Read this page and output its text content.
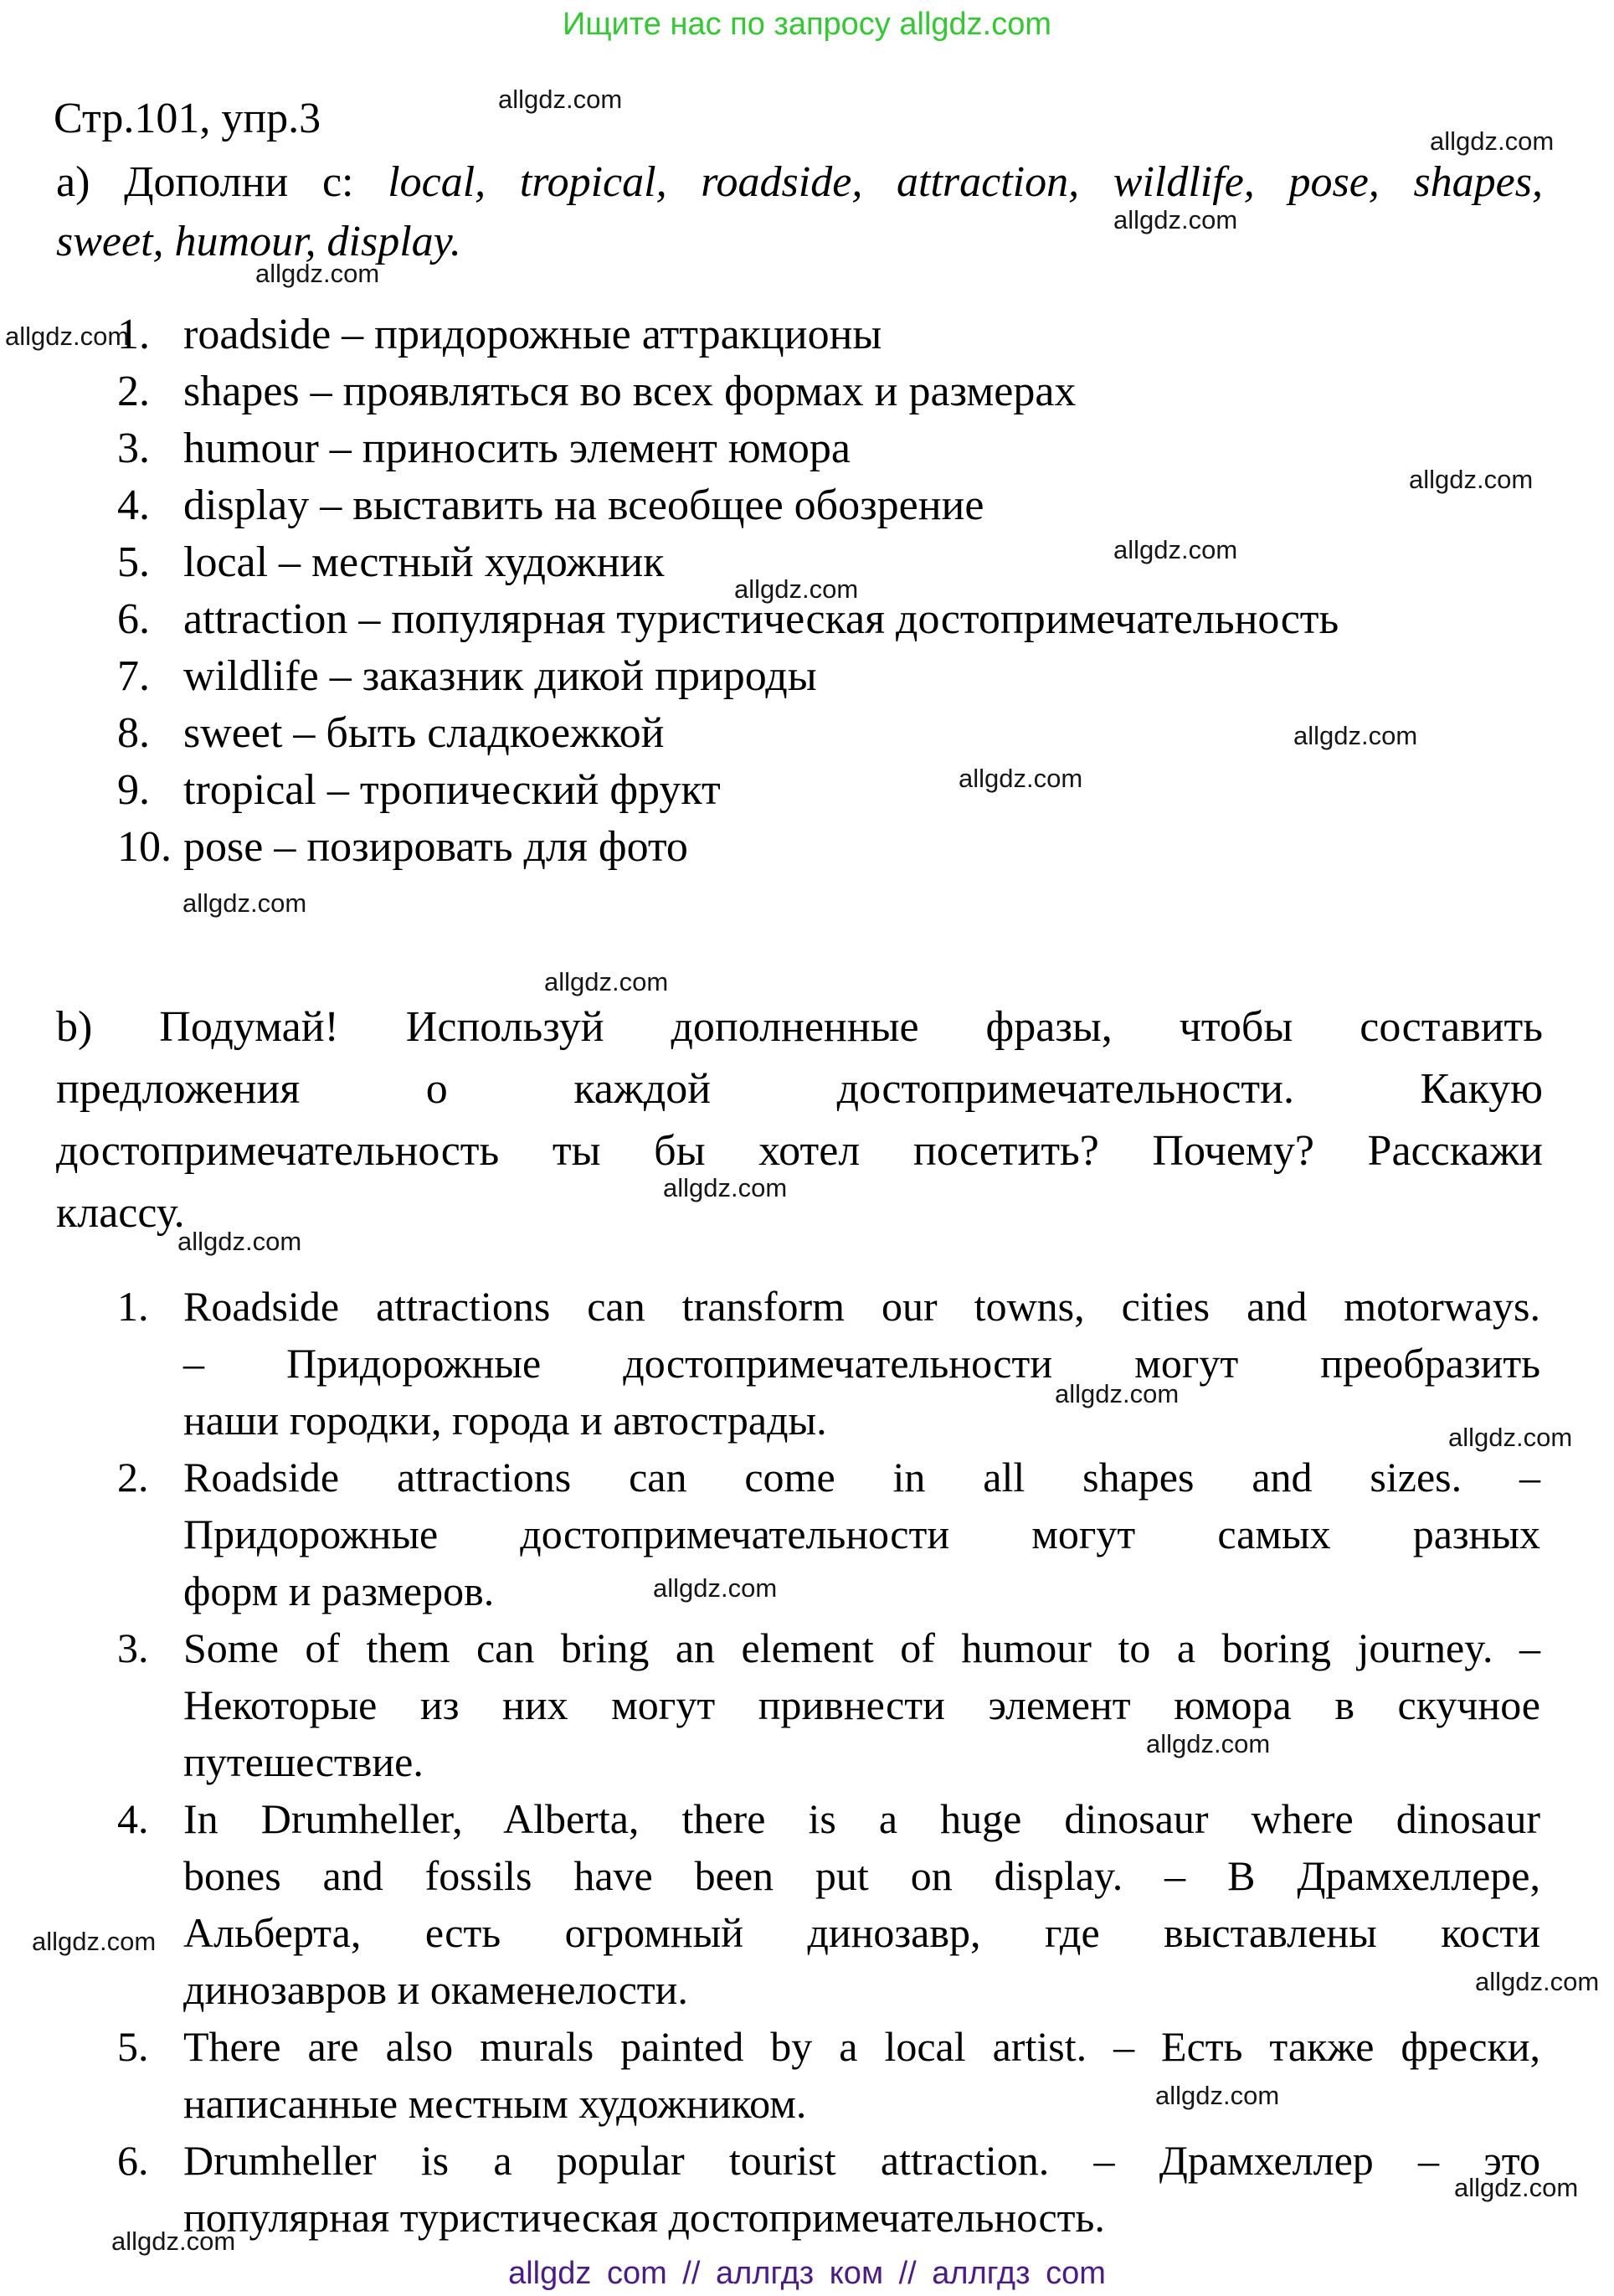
Ищите нас по запросу allgdz.com
Стр.101, упр.3
а) Дополни с: local, tropical, roadside, attraction, wildlife, pose, shapes,
sweet, humour, display.
1. roadside – придорожные аттракционы
2. shapes – проявляться во всех формах и размерах
3. humour – приносить элемент юмора
4. display – выставить на всеобщее обозрение
5. local – местный художник
6. attraction – популярная туристическая достопримечательность
7. wildlife – заказник дикой природы
8. sweet – быть сладкоежкой
9. tropical – тропический фрукт
10. pose – позировать для фото
b) Подумай! Используй дополненные фразы, чтобы составить
предложения о каждой достопримечательности. Какую
достопримечательность ты бы хотел посетить? Почему? Расскажи
классу.
1. Roadside attractions can transform our towns, cities and motorways.
– Придорожные достопримечательности могут преобразить
наши городки, города и автострады.
2. Roadside attractions can come in all shapes and sizes. –
Придорожные достопримечательности могут самых разных
форм и размеров.
3. Some of them can bring an element of humour to a boring journey. –
Некоторые из них могут привнести элемент юмора в скучное
путешествие.
4. In Drumheller, Alberta, there is a huge dinosaur where dinosaur
bones and fossils have been put on display. – В Драмхеллере,
Альберта, есть огромный динозавр, где выставлены кости
динозавров и окаменелости.
5. There are also murals painted by a local artist. – Есть также фрески,
написанные местным художником.
6. Drumheller is a popular tourist attraction. – Драмхеллер – это
популярная туристическая достопримечательность.
allgdz com // аллгдз ком // аллгдз com
allgdz.com
allgdz.com
allgdz.com
allgdz.com
allgdz.com
allgdz.com
allgdz.com
allgdz.com
allgdz.com
allgdz.com
allgdz.com
allgdz.com
allgdz.com
allgdz.com
allgdz.com
allgdz.com
allgdz.com
allgdz.com
allgdz.com
allgdz.com
allgdz.com
allgdz.com
allgdz.com
